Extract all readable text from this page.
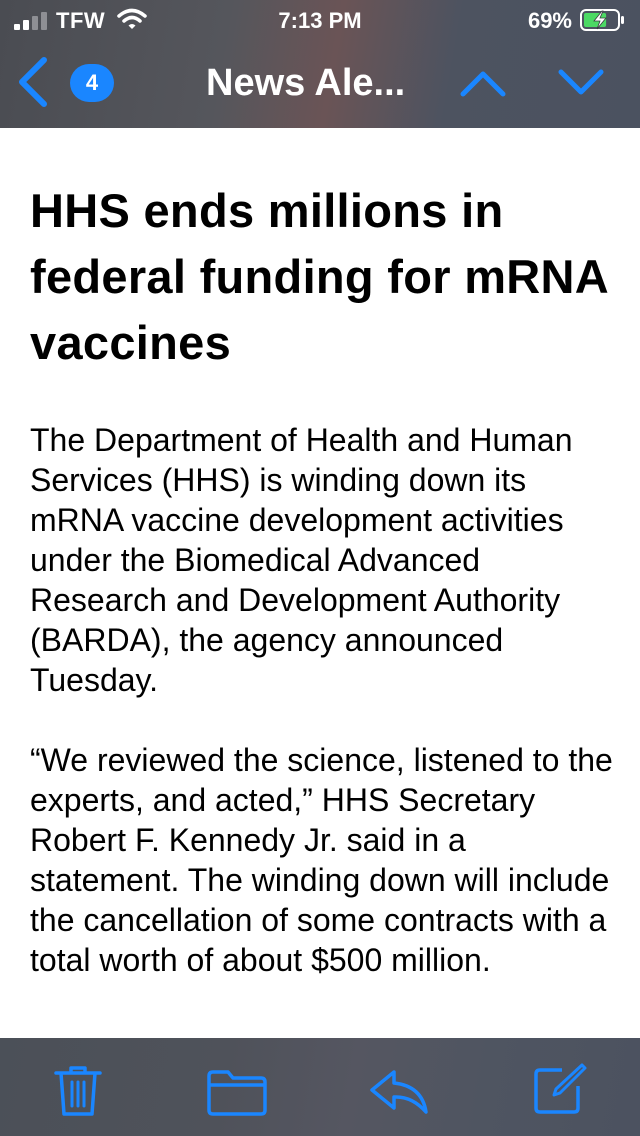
TFW	7:13 PM	69%
4	News Ale...
HHS ends millions in federal funding for mRNA vaccines

The Department of Health and Human Services (HHS) is winding down its mRNA vaccine development activities under the Biomedical Advanced Research and Development Authority (BARDA), the agency announced Tuesday.

“We reviewed the science, listened to the experts, and acted,” HHS Secretary Robert F. Kennedy Jr. said in a statement. The winding down will include the cancellation of some contracts with a total worth of about $500 million.
